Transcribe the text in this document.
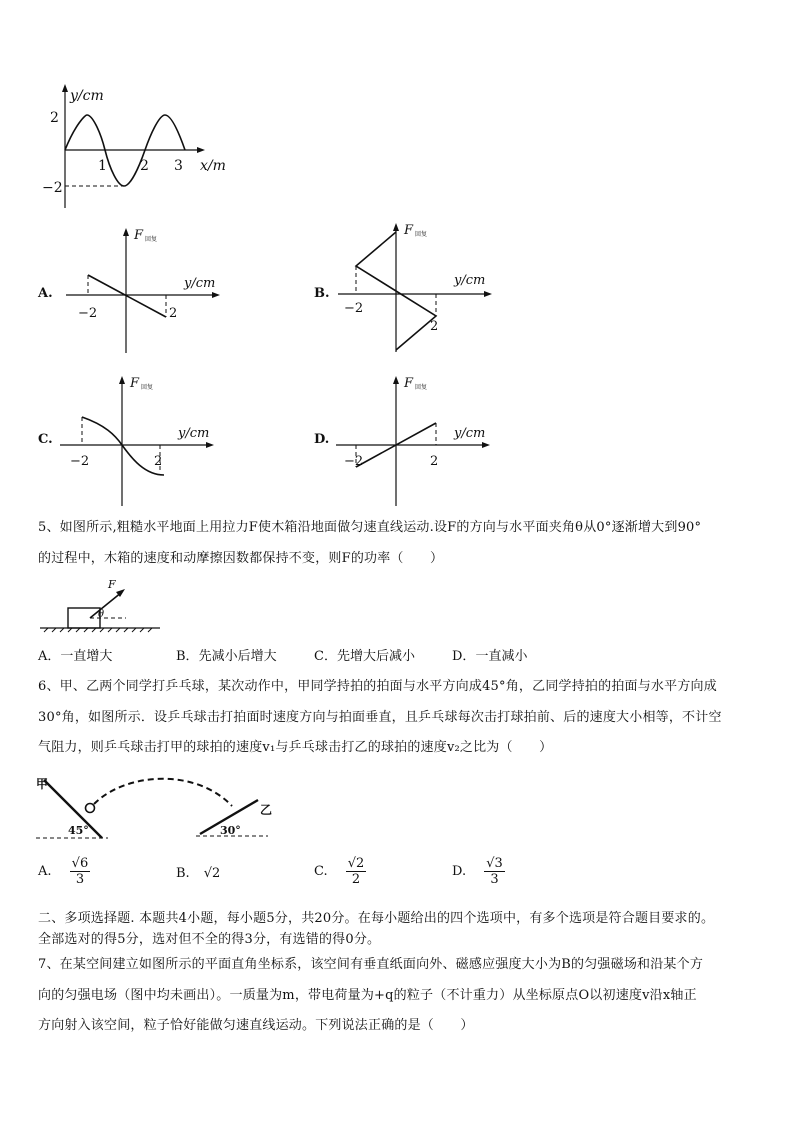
y/cm
2
−2
1 2 3 x/m
A.
F 回复
y/cm
−2	2
B.
F 回复
y/cm
−2
2
C.
F 回复
y/cm
−2	2
D.
F 回复
y/cm
−2	2
5、如图所示,粗糙水平地面上用拉力F使木箱沿地面做匀速直线运动.设F的方向与水平面夹角θ从0°逐渐增大到90°
的过程中，木箱的速度和动摩擦因数都保持不变，则F的功率（　　）
F
θ
A．一直增大	B．先减小后增大	C．先增大后减小	D．一直减小
6、甲、乙两个同学打乒乓球，某次动作中，甲同学持拍的拍面与水平方向成45°角，乙同学持拍的拍面与水平方向成
30°角，如图所示．设乒乓球击打拍面时速度方向与拍面垂直，且乒乓球每次击打球拍前、后的速度大小相等，不计空
气阻力，则乒乓球击打甲的球拍的速度v₁与乒乓球击打乙的球拍的速度v₂之比为（　　）
甲
乙
45°	30°
A. $\frac{√6}{3}$	B. √2	C. $\frac{√2}{2}$	D. $\frac{√3}{3}$
二、多项选择题. 本题共4小题，每小题5分，共20分。在每小题给出的四个选项中，有多个选项是符合题目要求的。
全部选对的得5分，选对但不全的得3分，有选错的得0分。
7、在某空间建立如图所示的平面直角坐标系，该空间有垂直纸面向外、磁感应强度大小为B的匀强磁场和沿某个方
向的匀强电场（图中均未画出）。一质量为m，带电荷量为+q的粒子（不计重力）从坐标原点O以初速度v沿x轴正
方向射入该空间，粒子恰好能做匀速直线运动。下列说法正确的是（　　）
